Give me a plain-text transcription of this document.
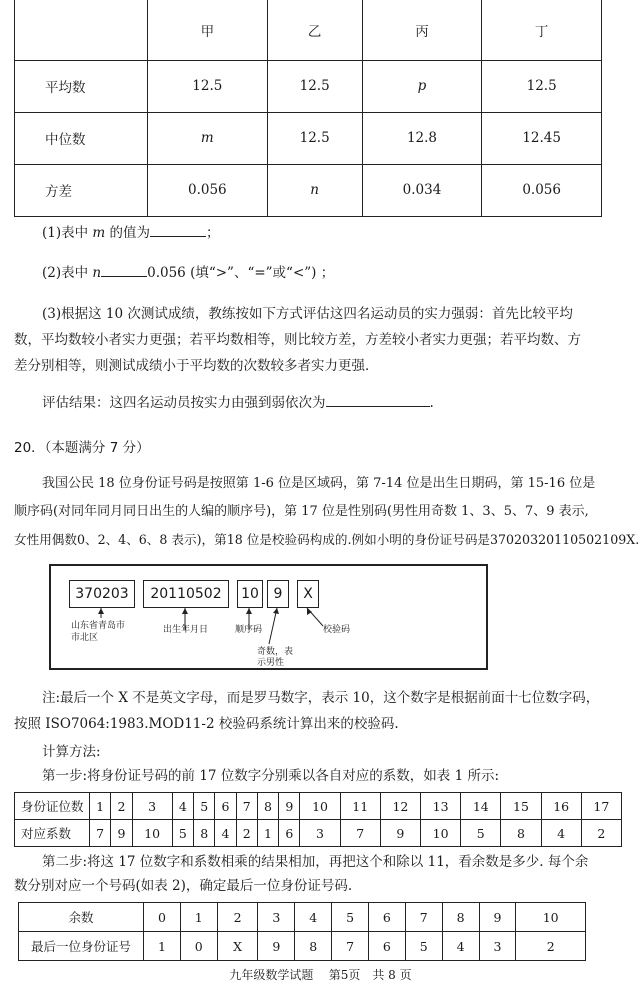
	甲	乙	丙	丁
平均数	12.5	12.5	p	12.5
中位数	m	12.5	12.8	12.45
方差	0.056	n	0.034	0.056
(1)表中 m 的值为	；
(2)表中 n	0.056 (填“>”、“=”或“<”) ；
(3)根据这 10 次测试成绩，教练按如下方式评估这四名运动员的实力强弱：首先比较平均
数，平均数较小者实力更强；若平均数相等，则比较方差，方差较小者实力更强；若平均数、方
差分别相等，则测试成绩小于平均数的次数较多者实力更强．
评估结果：这四名运动员按实力由强到弱依次为	.
20．（本题满分 7 分）
我国公民 18 位身份证号码是按照第 1-6 位是区域码，第 7-14 位是出生日期码，第 15-16 位是
顺序码(对同年同月同日出生的人编的顺序号)，第 17 位是性别码(男性用奇数 1、3、5、7、9 表示,
女性用偶数0、2、4、6、8 表示)，第18 位是校验码构成的.例如小明的身份证号码是37020320110502109X.
370203	20110502	10	9	X
山东省青岛市
市北区
出生年月日	顺序码
奇数，表
示男性
校验码
注:最后一个 X 不是英文字母，而是罗马数字，表示 10，这个数字是根据前面十七位数字码，
按照 ISO7064:1983.MOD11-2 校验码系统计算出来的校验码.
计算方法:
第一步:将身份证号码的前 17 位数字分别乘以各自对应的系数，如表 1 所示:
身份证位数	1	2	3	4	5	6	7	8	9	10	11	12	13	14	15	16	17
对应系数	7	9	10	5	8	4	2	1	6	3	7	9	10	5	8	4	2
第二步:将这 17 位数字和系数相乘的结果相加，再把这个和除以 11，看余数是多少. 每个余
数分别对应一个号码(如表 2)，确定最后一位身份证号码.
余数	0	1	2	3	4	5	6	7	8	9	10
最后一位身份证号	1	0	X	9	8	7	6	5	4	3	2
九年级数学试题 第5页　共 8 页
